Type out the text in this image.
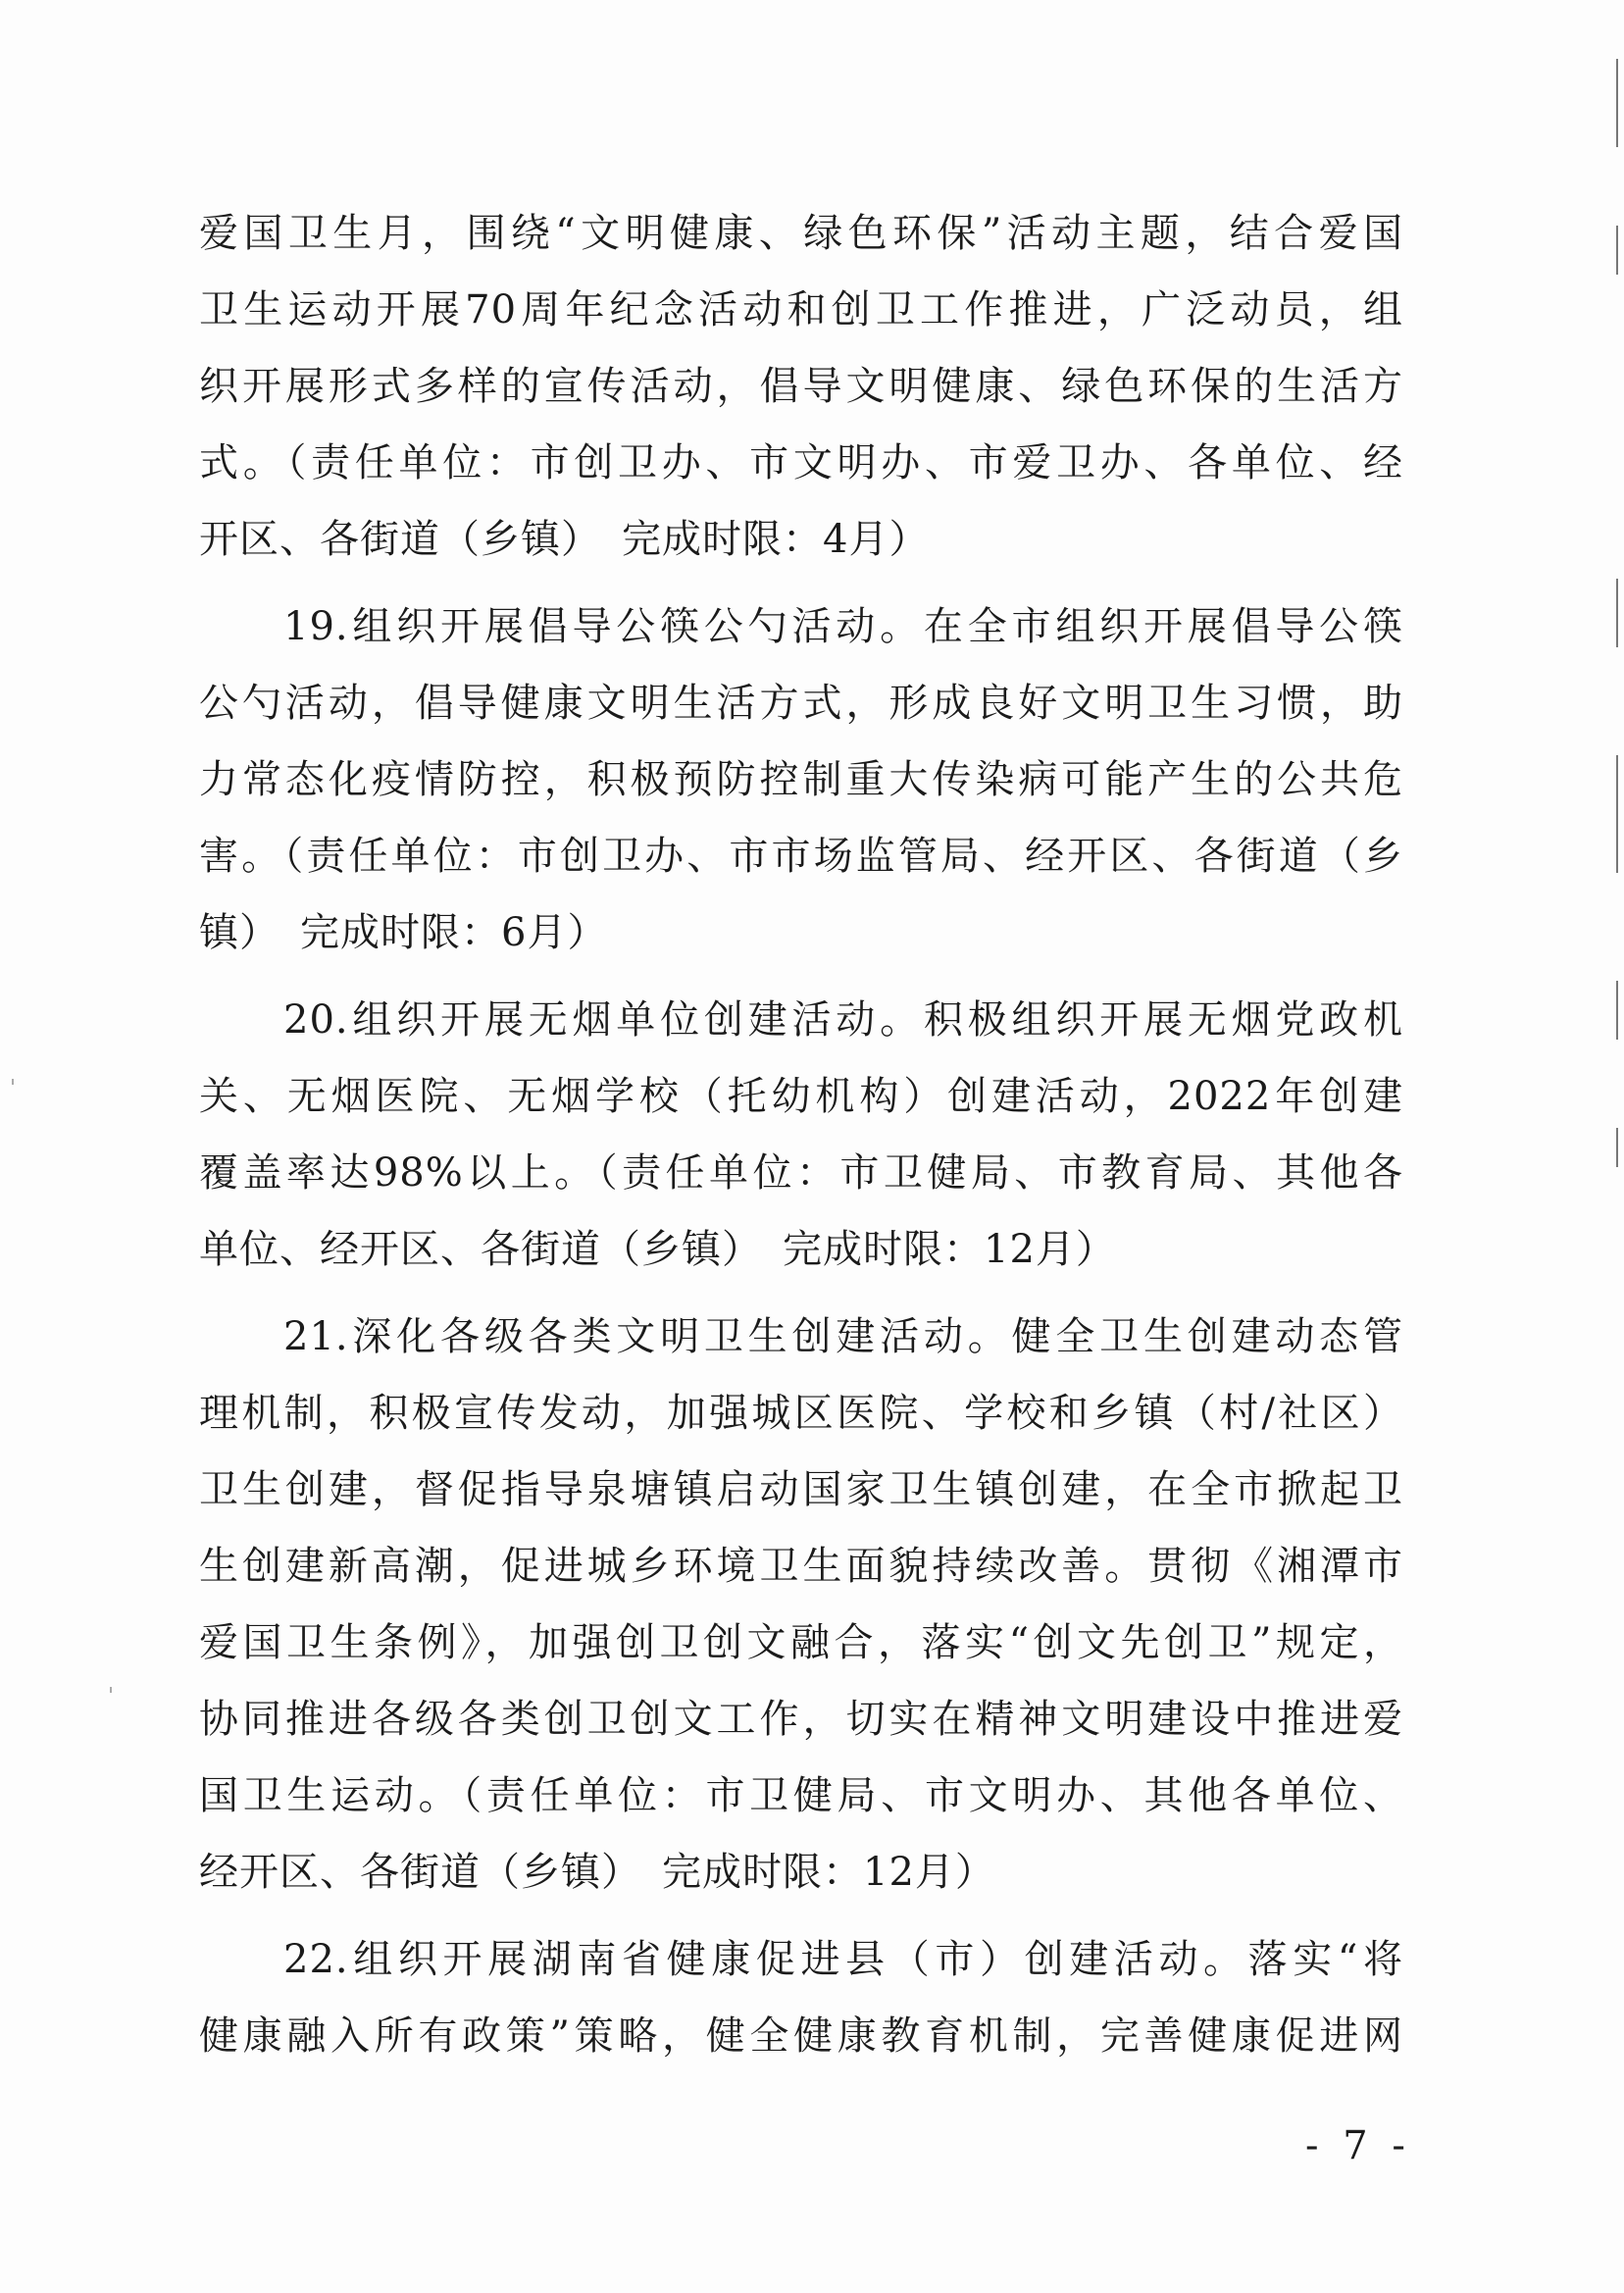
爱国卫生月，围绕“文明健康、绿色环保”活动主题，结合爱国
卫生运动开展70周年纪念活动和创卫工作推进，广泛动员，组
织开展形式多样的宣传活动，倡导文明健康、绿色环保的生活方
式。（责任单位：市创卫办、市文明办、市爱卫办、各单位、经
开区、各街道（乡镇）　完成时限：4月）
19.组织开展倡导公筷公勺活动。在全市组织开展倡导公筷
公勺活动，倡导健康文明生活方式，形成良好文明卫生习惯，助
力常态化疫情防控，积极预防控制重大传染病可能产生的公共危
害。（责任单位：市创卫办、市市场监管局、经开区、各街道（乡
镇）　完成时限：6月）
20.组织开展无烟单位创建活动。积极组织开展无烟党政机
关、无烟医院、无烟学校（托幼机构）创建活动，2022年创建
覆盖率达98%以上。（责任单位：市卫健局、市教育局、其他各
单位、经开区、各街道（乡镇）　完成时限：12月）
21.深化各级各类文明卫生创建活动。健全卫生创建动态管
理机制，积极宣传发动，加强城区医院、学校和乡镇（村/社区）
卫生创建，督促指导泉塘镇启动国家卫生镇创建，在全市掀起卫
生创建新高潮，促进城乡环境卫生面貌持续改善。贯彻《湘潭市
爱国卫生条例》，加强创卫创文融合，落实“创文先创卫”规定，
协同推进各级各类创卫创文工作，切实在精神文明建设中推进爱
国卫生运动。（责任单位：市卫健局、市文明办、其他各单位、
经开区、各街道（乡镇）　完成时限：12月）
22.组织开展湖南省健康促进县（市）创建活动。落实“将
健康融入所有政策”策略，健全健康教育机制，完善健康促进网
- 7 -
